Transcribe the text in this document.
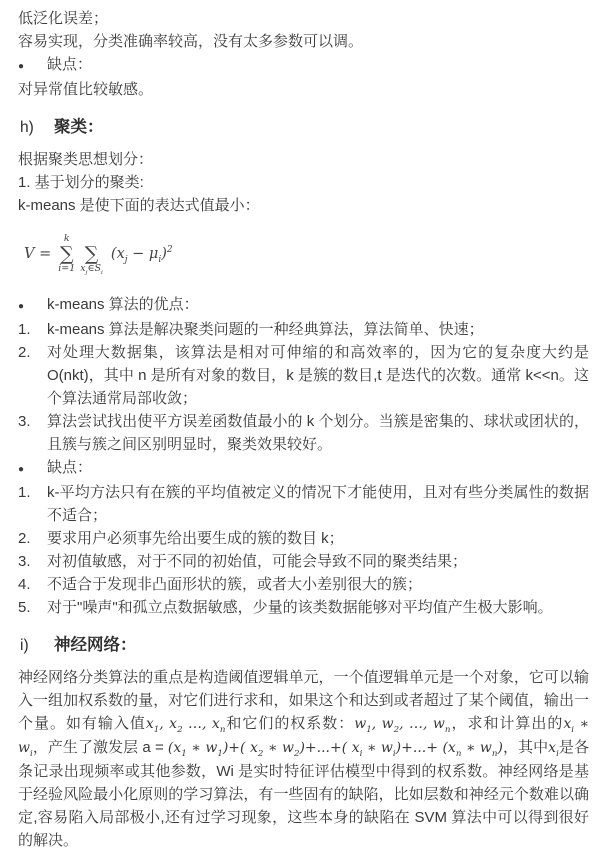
低泛化误差；

容易实现，分类准确率较高，没有太多参数可以调。

●	缺点：

对异常值比较敏感。

h)	聚类：

根据聚类思想划分：

1. 基于划分的聚类:

k-means 是使下面的表达式值最小：

V =
k
∑
i=1

∑
$x_j\in S_i$
$(x_j - \mu_i)^2$
●	k-means 算法的优点：
1.	k-means 算法是解决聚类问题的一种经典算法，算法简单、快速；
2.	对处理大数据集，该算法是相对可伸缩的和高效率的，因为它的复杂度大约是 O(nkt)，其中 n 是所有对象的数目，k 是簇的数目,t 是迭代的次数。通常 k<<n。这个算法通常局部收敛；
3.	算法尝试找出使平方误差函数值最小的 k 个划分。当簇是密集的、球状或团状的，且簇与簇之间区别明显时，聚类效果较好。
●	缺点：
1.	k-平均方法只有在簇的平均值被定义的情况下才能使用，且对有些分类属性的数据不适合；
2.	要求用户必须事先给出要生成的簇的数目 k；
3.	对初值敏感，对于不同的初始值，可能会导致不同的聚类结果；
4.	不适合于发现非凸面形状的簇，或者大小差别很大的簇；
5.	对于"噪声"和孤立点数据敏感，少量的该类数据能够对平均值产生极大影响。
i)	神经网络：

神经网络分类算法的重点是构造阈值逻辑单元，一个值逻辑单元是一个对象，它可以输入一组加权系数的量，对它们进行求和，如果这个和达到或者超过了某个阈值，输出一个量。如有输入值$x_1$, $x_2$ …, $x_n$和它们的权系数：$w_1$, $w_2$, …, $w_n$，求和计算出的$x_i$ ∗ $w_i$，产生了激发层 $a = (x_1$ ∗ $w_1)+$( $x_2$ ∗ $w_2)+...+$( $x_i$ ∗ $w_i)+...+ (x_n$ ∗ $w_n$)，其中$x_i$是各条记录出现频率或其他参数，Wi 是实时特征评估模型中得到的权系数。神经网络是基于经验风险最小化原则的学习算法，有一些固有的缺陷，比如层数和神经元个数难以确定,容易陷入局部极小,还有过学习现象，这些本身的缺陷在 SVM 算法中可以得到很好的解决。
